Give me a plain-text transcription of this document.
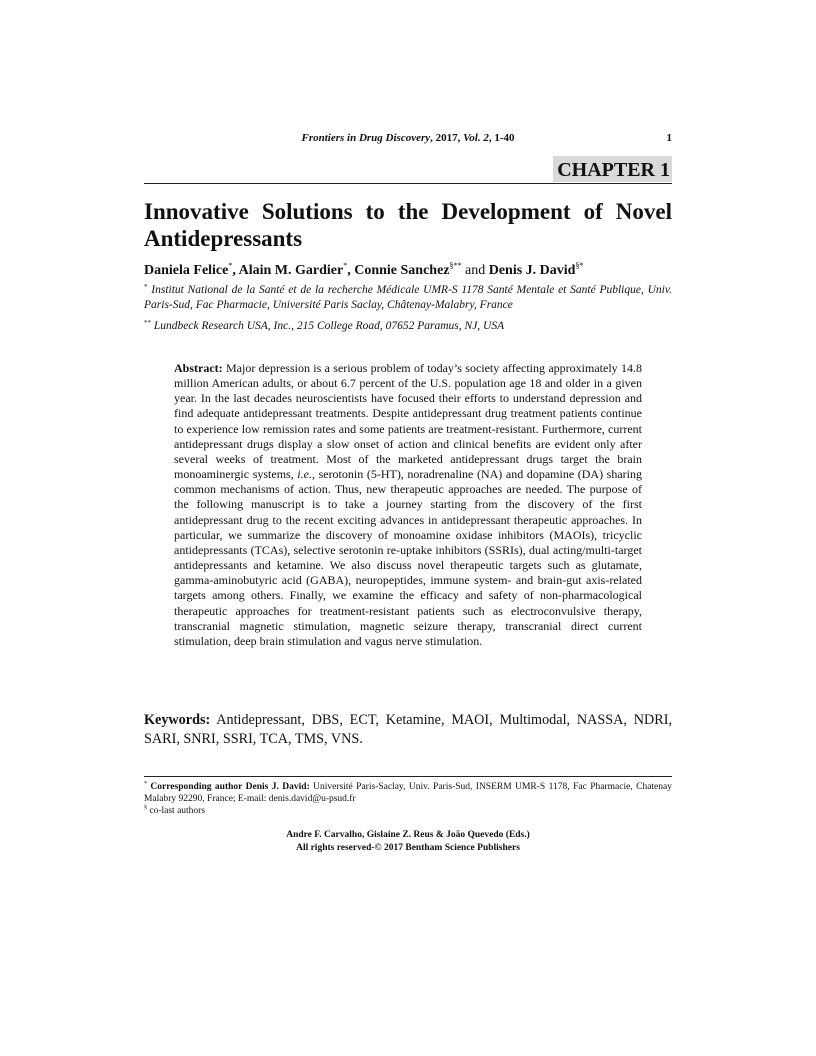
Frontiers in Drug Discovery, 2017, Vol. 2, 1-40	1
CHAPTER 1
Innovative Solutions to the Development of Novel Antidepressants
Daniela Felice*, Alain M. Gardier*, Connie Sanchez§** and Denis J. David§*
* Institut National de la Santé et de la recherche Médicale UMR-S 1178 Santé Mentale et Santé Publique, Univ. Paris-Sud, Fac Pharmacie, Université Paris Saclay, Châtenay-Malabry, France
** Lundbeck Research USA, Inc., 215 College Road, 07652 Paramus, NJ, USA
Abstract: Major depression is a serious problem of today’s society affecting approximately 14.8 million American adults, or about 6.7 percent of the U.S. population age 18 and older in a given year. In the last decades neuroscientists have focused their efforts to understand depression and find adequate antidepressant treatments. Despite antidepressant drug treatment patients continue to experience low remission rates and some patients are treatment-resistant. Furthermore, current antidepressant drugs display a slow onset of action and clinical benefits are evident only after several weeks of treatment. Most of the marketed antidepressant drugs target the brain monoaminergic systems, i.e., serotonin (5-HT), noradrenaline (NA) and dopamine (DA) sharing common mechanisms of action. Thus, new therapeutic approaches are needed. The purpose of the following manuscript is to take a journey starting from the discovery of the first antidepressant drug to the recent exciting advances in antidepressant therapeutic approaches. In particular, we summarize the discovery of monoamine oxidase inhibitors (MAOIs), tricyclic antidepressants (TCAs), selective serotonin re-uptake inhibitors (SSRIs), dual acting/multi-target antidepressants and ketamine. We also discuss novel therapeutic targets such as glutamate, gamma-aminobutyric acid (GABA), neuropeptides, immune system- and brain-gut axis-related targets among others. Finally, we examine the efficacy and safety of non-pharmacological therapeutic approaches for treatment-resistant patients such as electroconvulsive therapy, transcranial magnetic stimulation, magnetic seizure therapy, transcranial direct current stimulation, deep brain stimulation and vagus nerve stimulation.
Keywords: Antidepressant, DBS, ECT, Ketamine, MAOI, Multimodal, NASSA, NDRI, SARI, SNRI, SSRI, TCA, TMS, VNS.
* Corresponding author Denis J. David: Université Paris-Saclay, Univ. Paris-Sud, INSERM UMR-S 1178, Fac Pharmacie, Chatenay Malabry 92290, France; E-mail: denis.david@u-psud.fr
§ co-last authors
Andre F. Carvalho, Gislaine Z. Reus & João Quevedo (Eds.)
All rights reserved-© 2017 Bentham Science Publishers
